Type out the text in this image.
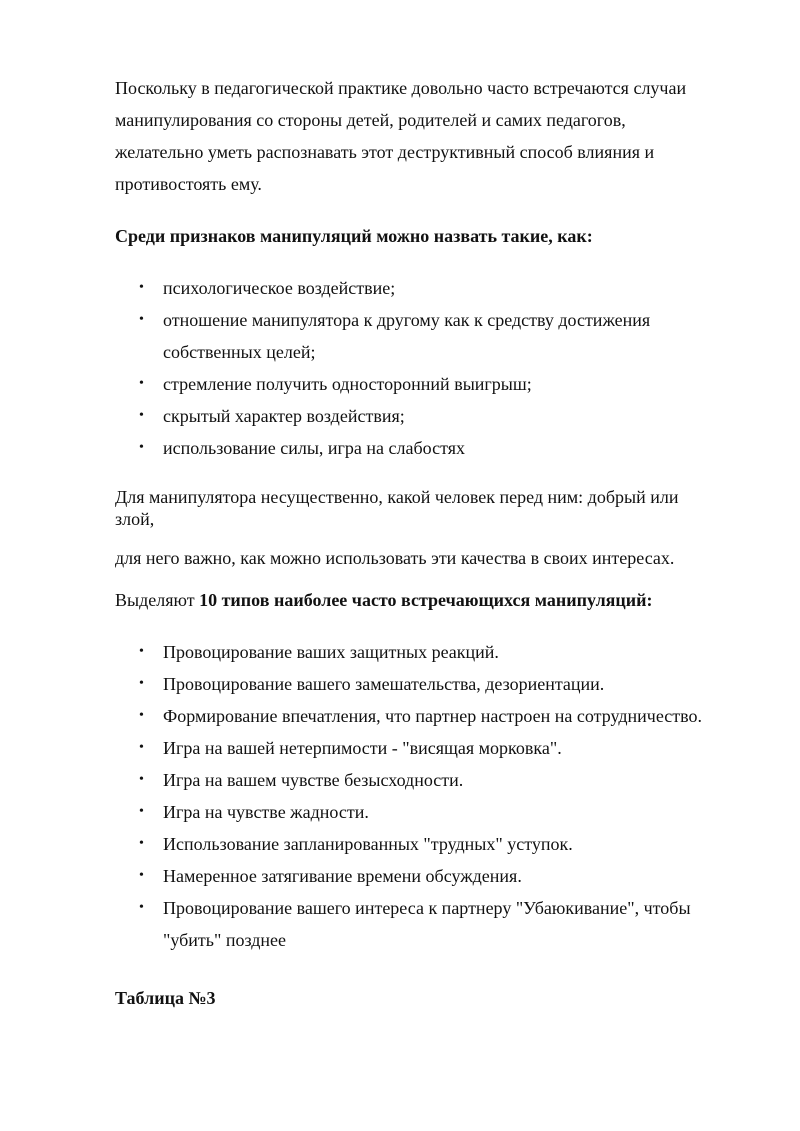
Поскольку в педагогической практике довольно часто встречаются случаи

манипулирования со стороны детей, родителей и самих педагогов,

желательно уметь распознавать этот деструктивный способ влияния и

противостоять ему.

Среди признаков манипуляций можно назвать такие, как:

• психологическое воздействие;
• отношение манипулятора к другому как к средству достижения
собственных целей;
• стремление получить односторонний выигрыш;
• скрытый характер воздействия;
• использование силы, игра на слабостях

Для манипулятора несущественно, какой человек перед ним: добрый или

злой,

для него важно, как можно использовать эти качества в своих интересах.

Выделяют 10 типов наиболее часто встречающихся манипуляций:

• Провоцирование ваших защитных реакций.
• Провоцирование вашего замешательства, дезориентации.
• Формирование впечатления, что партнер настроен на сотрудничество.
• Игра на вашей нетерпимости - "висящая морковка".
• Игра на вашем чувстве безысходности.
• Игра на чувстве жадности.
• Использование запланированных "трудных" уступок.
• Намеренное затягивание времени обсуждения.
• Провоцирование вашего интереса к партнеру "Убаюкивание", чтобы
"убить" позднее

Таблица №3
